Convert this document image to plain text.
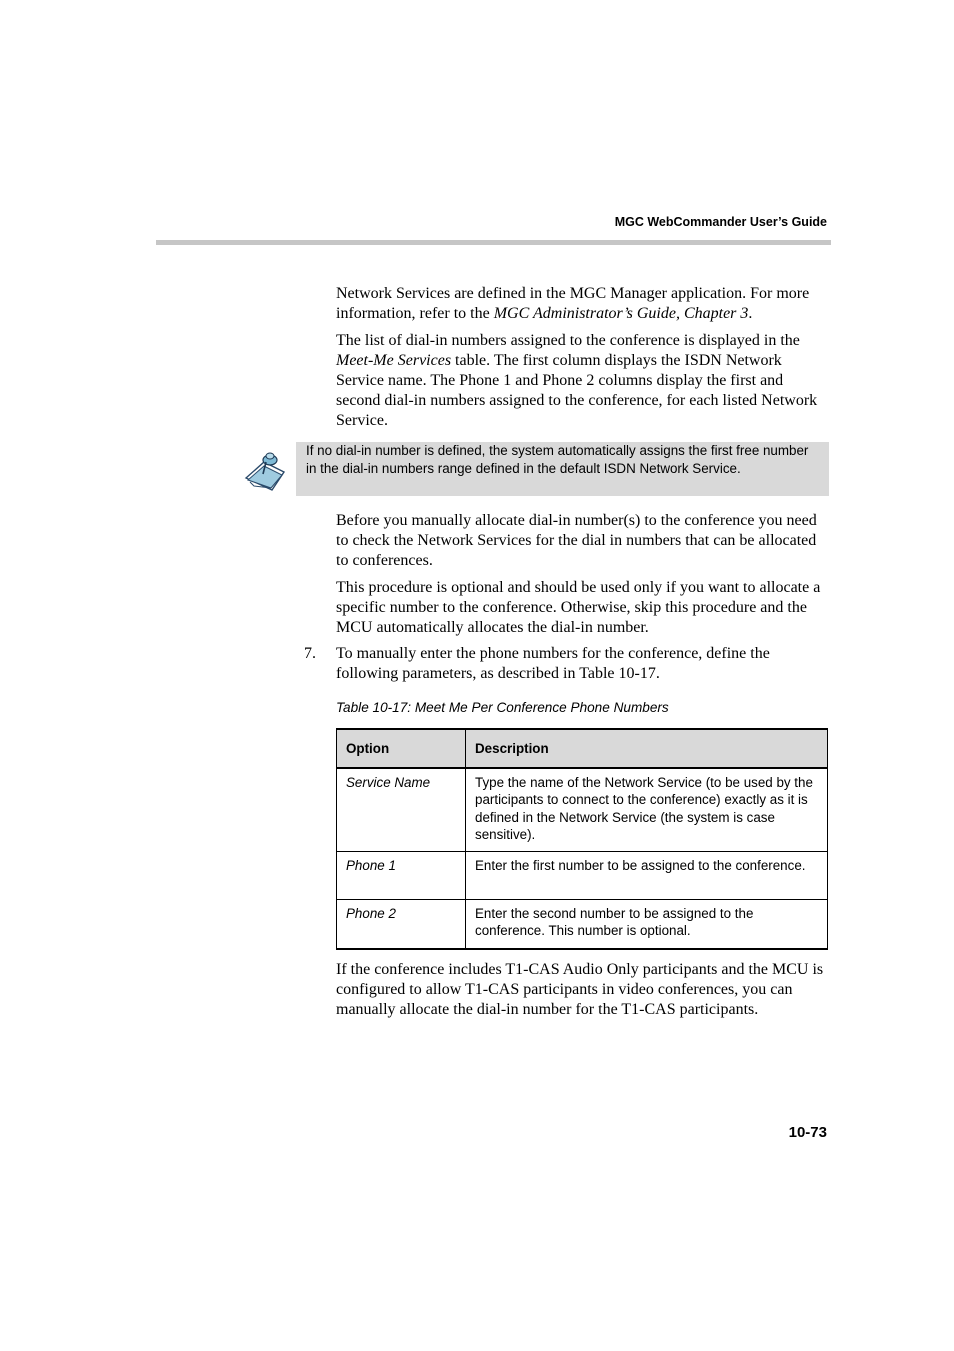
MGC WebCommander User’s Guide

Network Services are defined in the MGC Manager application. For more information, refer to the MGC Administrator’s Guide, Chapter 3.

The list of dial-in numbers assigned to the conference is displayed in the Meet-Me Services table. The first column displays the ISDN Network Service name. The Phone 1 and Phone 2 columns display the first and second dial-in numbers assigned to the conference, for each listed Network Service.

If no dial-in number is defined, the system automatically assigns the first free number in the dial-in numbers range defined in the default ISDN Network Service.

Before you manually allocate dial-in number(s) to the conference you need to check the Network Services for the dial in numbers that can be allocated to conferences.

This procedure is optional and should be used only if you want to allocate a specific number to the conference. Otherwise, skip this procedure and the MCU automatically allocates the dial-in number.

7. To manually enter the phone numbers for the conference, define the following parameters, as described in Table 10-17.

Table 10-17: Meet Me Per Conference Phone Numbers
Option	Description
Service Name	Type the name of the Network Service (to be used by the participants to connect to the conference) exactly as it is defined in the Network Service (the system is case sensitive).
Phone 1	Enter the first number to be assigned to the conference.
Phone 2	Enter the second number to be assigned to the conference. This number is optional.

If the conference includes T1-CAS Audio Only participants and the MCU is configured to allow T1-CAS participants in video conferences, you can manually allocate the dial-in number for the T1-CAS participants.

10-73
